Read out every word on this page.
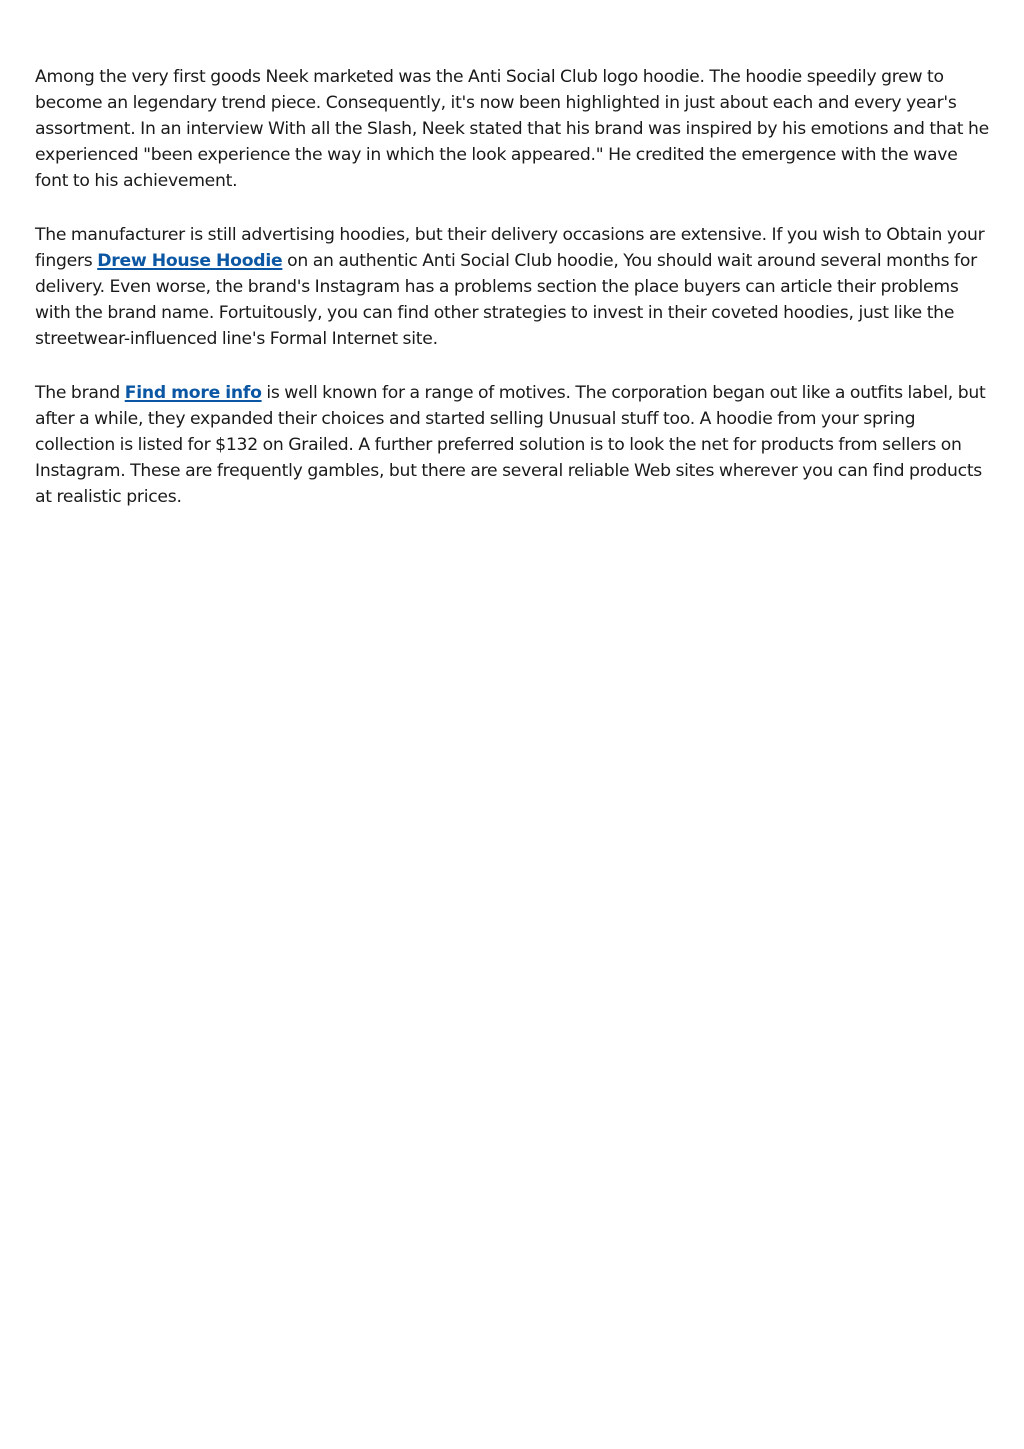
Among the very first goods Neek marketed was the Anti Social Club logo hoodie. The hoodie speedily grew to become an legendary trend piece. Consequently, it's now been highlighted in just about each and every year's assortment. In an interview With all the Slash, Neek stated that his brand was inspired by his emotions and that he experienced "been experience the way in which the look appeared." He credited the emergence with the wave font to his achievement.

The manufacturer is still advertising hoodies, but their delivery occasions are extensive. If you wish to Obtain your fingers Drew House Hoodie on an authentic Anti Social Club hoodie, You should wait around several months for delivery. Even worse, the brand's Instagram has a problems section the place buyers can article their problems with the brand name. Fortuitously, you can find other strategies to invest in their coveted hoodies, just like the streetwear-influenced line's Formal Internet site.

The brand Find more info is well known for a range of motives. The corporation began out like a outfits label, but after a while, they expanded their choices and started selling Unusual stuff too. A hoodie from your spring collection is listed for $132 on Grailed. A further preferred solution is to look the net for products from sellers on Instagram. These are frequently gambles, but there are several reliable Web sites wherever you can find products at realistic prices.
